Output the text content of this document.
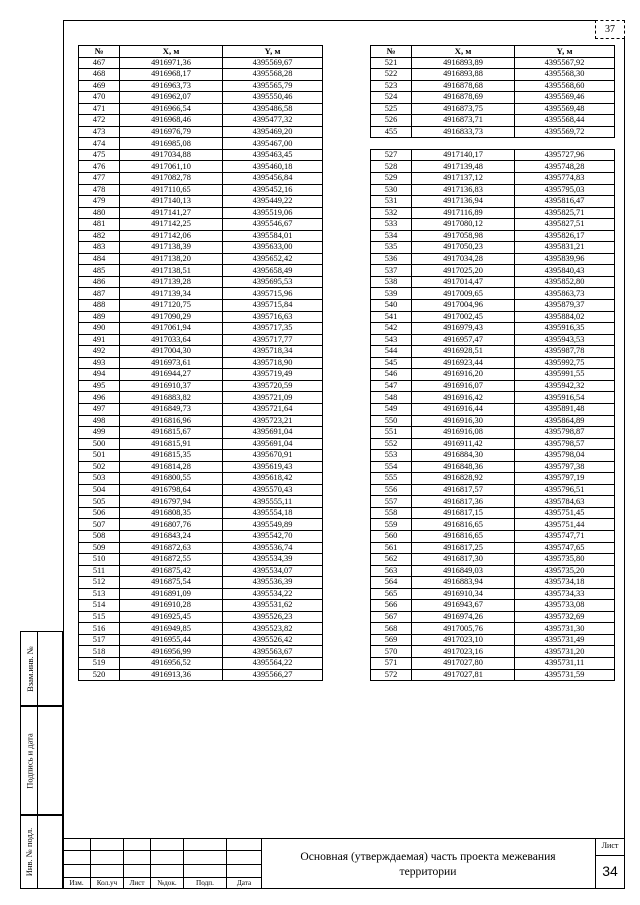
37
№	X, м	Y, м
467	4916971,36	4395569,67
468	4916968,17	4395568,28
469	4916963,73	4395565,79
470	4916962,07	4395550,46
471	4916966,54	4395486,58
472	4916968,46	4395477,32
473	4916976,79	4395469,20
474	4916985,08	4395467,00
475	4917034,88	4395463,45
476	4917061,10	4395460,18
477	4917082,78	4395456,84
478	4917110,65	4395452,16
479	4917140,13	4395449,22
480	4917141,27	4395519,06
481	4917142,25	4395546,67
482	4917142,06	4395584,01
483	4917138,39	4395633,00
484	4917138,20	4395652,42
485	4917138,51	4395658,49
486	4917139,28	4395695,53
487	4917139,34	4395715,96
488	4917120,75	4395715,84
489	4917090,29	4395716,63
490	4917061,94	4395717,35
491	4917033,64	4395717,77
492	4917004,30	4395718,34
493	4916973,61	4395718,90
494	4916944,27	4395719,49
495	4916910,37	4395720,59
496	4916883,82	4395721,09
497	4916849,73	4395721,64
498	4916816,96	4395723,21
499	4916815,67	4395691,04
500	4916815,91	4395691,04
501	4916815,35	4395670,91
502	4916814,28	4395619,43
503	4916800,55	4395618,42
504	4916798,64	4395570,43
505	4916797,94	4395555,11
506	4916808,35	4395554,18
507	4916807,76	4395549,89
508	4916843,24	4395542,70
509	4916872,63	4395536,74
510	4916872,55	4395534,39
511	4916875,42	4395534,07
512	4916875,54	4395536,39
513	4916891,09	4395534,22
514	4916910,28	4395531,62
515	4916925,45	4395526,23
516	4916949,85	4395523,82
517	4916955,44	4395526,42
518	4916956,99	4395563,67
519	4916956,52	4395564,22
520	4916913,36	4395566,27
№	X, м	Y, м
521	4916893,89	4395567,92
522	4916893,88	4395568,30
523	4916878,68	4395568,60
524	4916878,69	4395569,46
525	4916873,75	4395569,48
526	4916873,71	4395568,44
455	4916833,73	4395569,72

527	4917140,17	4395727,96
528	4917139,48	4395748,28
529	4917137,12	4395774,83
530	4917136,83	4395795,03
531	4917136,94	4395816,47
532	4917116,89	4395825,71
533	4917080,12	4395827,51
534	4917058,98	4395826,17
535	4917050,23	4395831,21
536	4917034,28	4395839,96
537	4917025,20	4395840,43
538	4917014,47	4395852,80
539	4917009,65	4395863,73
540	4917004,96	4395879,37
541	4917002,45	4395884,02
542	4916979,43	4395916,35
543	4916957,47	4395943,53
544	4916928,51	4395987,78
545	4916923,44	4395992,75
546	4916916,20	4395991,55
547	4916916,07	4395942,32
548	4916916,42	4395916,54
549	4916916,44	4395891,48
550	4916916,30	4395864,89
551	4916916,08	4395798,87
552	4916911,42	4395798,57
553	4916884,30	4395798,04
554	4916848,36	4395797,38
555	4916828,92	4395797,19
556	4916817,57	4395796,51
557	4916817,36	4395784,63
558	4916817,15	4395751,45
559	4916816,65	4395751,44
560	4916816,65	4395747,71
561	4916817,25	4395747,65
562	4916817,30	4395735,80
563	4916849,03	4395735,20
564	4916883,94	4395734,18
565	4916910,34	4395734,33
566	4916943,67	4395733,08
567	4916974,26	4395732,69
568	4917005,76	4395731,30
569	4917023,10	4395731,49
570	4917023,16	4395731,20
571	4917027,80	4395731,11
572	4917027,81	4395731,59
Взам.инв. №
Подпись и дата
Инв. № подл.
Изм.	Кол.уч	Лист	№док.	Подп.	Дата
Основная (утверждаемая) часть проекта межевания
территории
Лист
34
